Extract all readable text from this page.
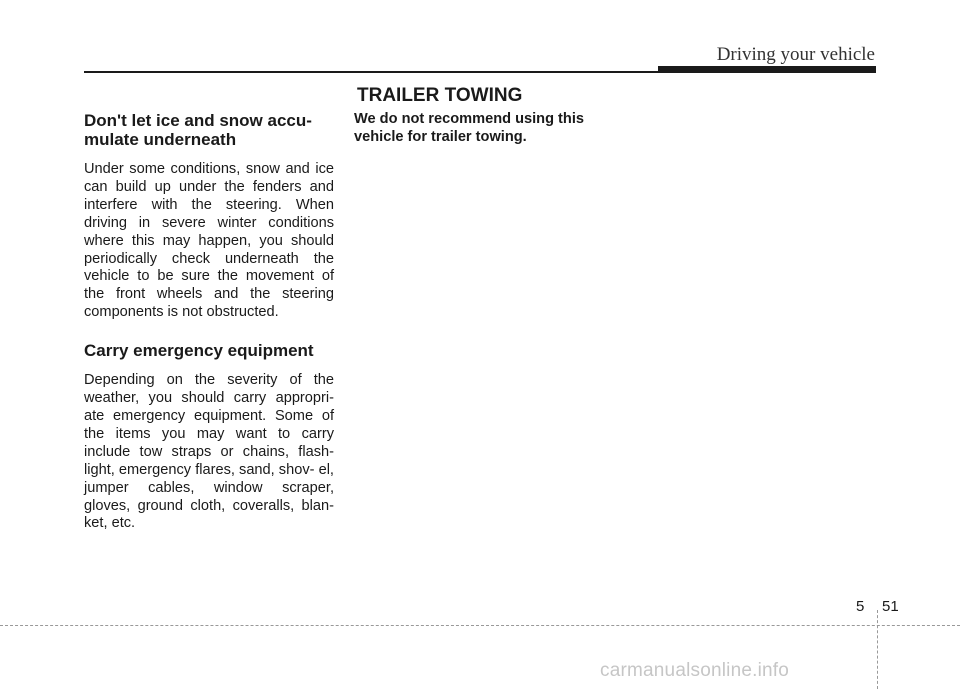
Driving your vehicle
Don't let ice and snow accu-
mulate underneath

Under some conditions, snow and ice can build up under the fenders and interfere with the steering. When driving in severe winter conditions where this may happen, you should periodically check underneath the vehicle to be sure the movement of the front wheels and the steering components is not obstructed.

Carry emergency equipment

Depending on the severity of the weather, you should carry appropri- ate emergency equipment. Some of the items you may want to carry include tow straps or chains, flash- light, emergency flares, sand, shov- el, jumper cables, window scraper, gloves, ground cloth, coveralls, blan- ket, etc.

TRAILER TOWING
We do not recommend using this
vehicle for trailer towing.
5 51
carmanualsonline.info
